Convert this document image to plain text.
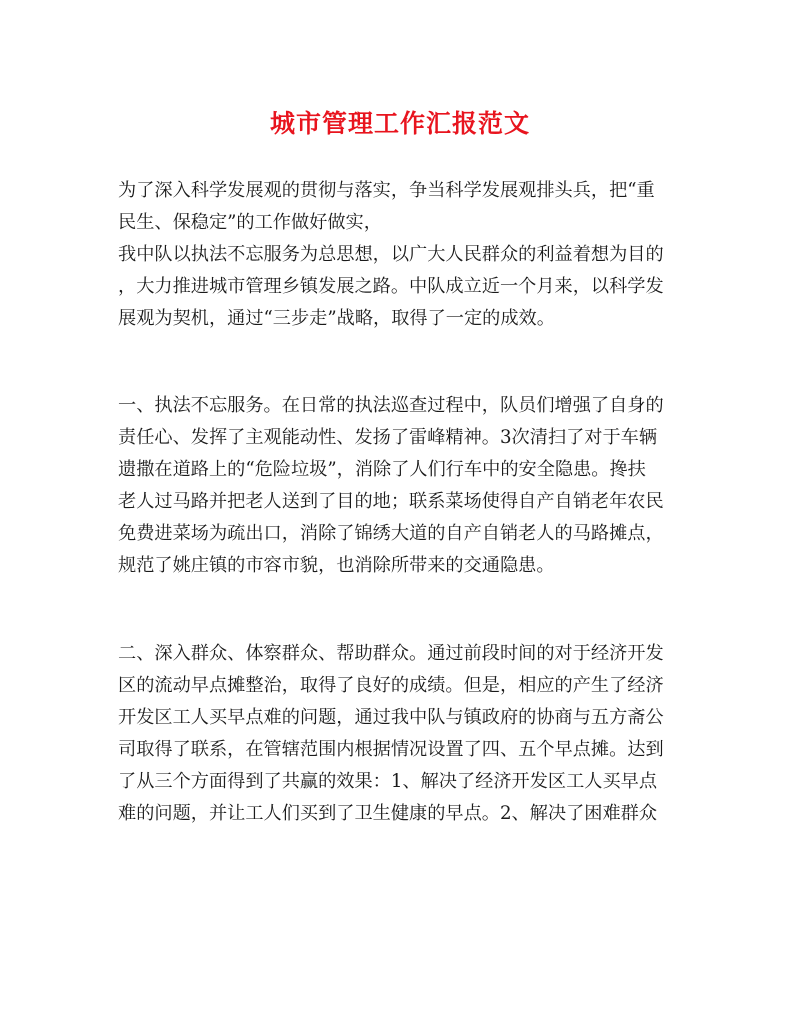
城市管理工作汇报范文

为了深入科学发展观的贯彻与落实，争当科学发展观排头兵，把“重

民生、保稳定”的工作做好做实，

我中队以执法不忘服务为总思想，以广大人民群众的利益着想为目的

，大力推进城市管理乡镇发展之路。中队成立近一个月来，以科学发

展观为契机，通过“三步走”战略，取得了一定的成效。

一、执法不忘服务。在日常的执法巡查过程中，队员们增强了自身的

责任心、发挥了主观能动性、发扬了雷峰精神。3次清扫了对于车辆

遗撒在道路上的“危险垃圾”，消除了人们行车中的安全隐患。搀扶

老人过马路并把老人送到了目的地；联系菜场使得自产自销老年农民

免费进菜场为疏出口，消除了锦绣大道的自产自销老人的马路摊点，

规范了姚庄镇的市容市貌，也消除所带来的交通隐患。

二、深入群众、体察群众、帮助群众。通过前段时间的对于经济开发

区的流动早点摊整治，取得了良好的成绩。但是，相应的产生了经济

开发区工人买早点难的问题，通过我中队与镇政府的协商与五方斋公

司取得了联系，在管辖范围内根据情况设置了四、五个早点摊。达到

了从三个方面得到了共赢的效果：1、解决了经济开发区工人买早点

难的问题，并让工人们买到了卫生健康的早点。2、解决了困难群众
